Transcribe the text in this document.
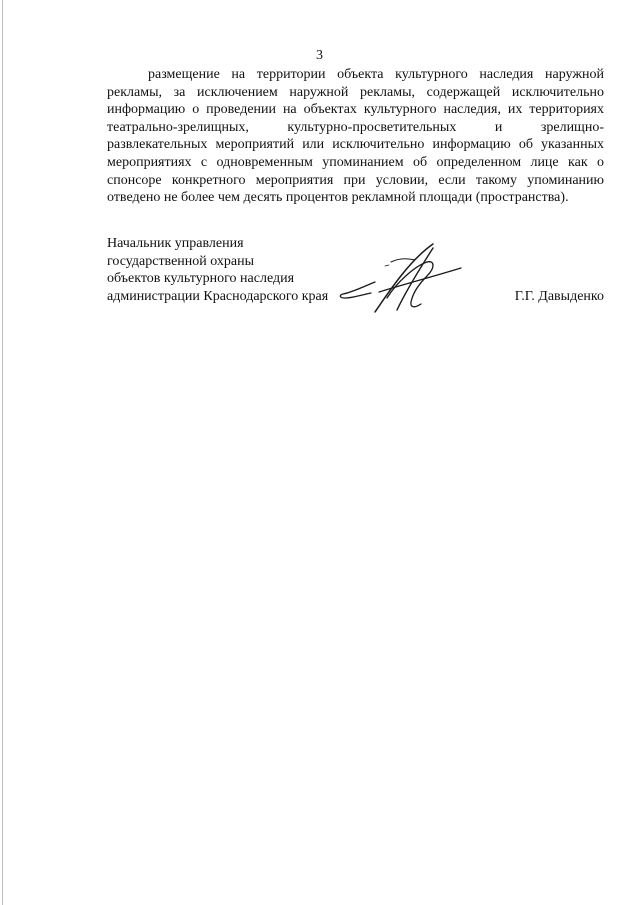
3

размещение на территории объекта культурного наследия наружной
рекламы, за исключением наружной рекламы, содержащей исключительно
информацию о проведении на объектах культурного наследия, их территориях
театрально-зрелищных, культурно-просветительных и зрелищно-
развлекательных мероприятий или исключительно информацию об указанных
мероприятиях с одновременным упоминанием об определенном лице как о
спонсоре конкретного мероприятия при условии, если такому упоминанию
отведено не более чем десять процентов рекламной площади (пространства).

Начальник управления
государственной охраны
объектов культурного наследия
администрации Краснодарского края	Г.Г. Давыденко
